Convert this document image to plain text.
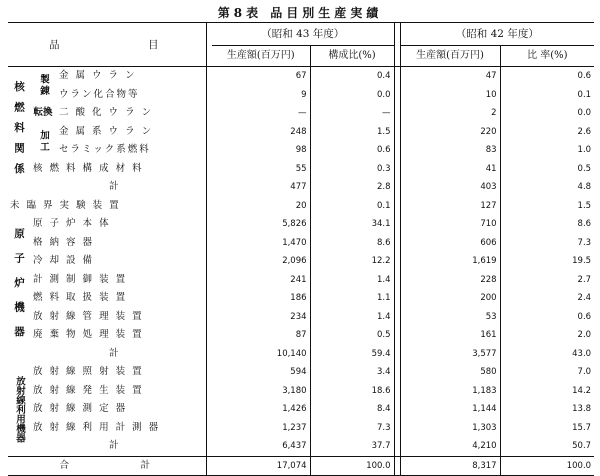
第8表 品目別生産実績
品　　　　　目				（昭和 43 年度）			（昭和 42 年度）	
				生産額(百万円)	構成比(%)		生産額(百万円)	比 率(%)
核燃料関係	製錬	金 属 ウ ラ ン		67	0.4		47	0.6
		ウラン化合物等		9	0.0		10	0.1
	転換	二 酸 化 ウ ラ ン		—	—		2	0.0
	加工	金 属 系 ウ ラ ン		248	1.5		220	2.6
		セラミック系燃料		98	0.6		83	1.0
	核 燃 料 構 成 材 料			55	0.3		41	0.5
	計			477	2.8		403	4.8
未 臨 界 実 験 装 置				20	0.1		127	1.5
原子炉機器	原 子 炉 本 体			5,826	34.1		710	8.6
	格 納 容 器			1,470	8.6		606	7.3
	冷 却 設 備			2,096	12.2		1,619	19.5
	計 測 制 御 装 置			241	1.4		228	2.7
	燃 料 取 扱 装 置			186	1.1		200	2.4
	放 射 線 管 理 装 置			234	1.4		53	0.6
	廃 棄 物 処 理 装 置			87	0.5		161	2.0
	計			10,140	59.4		3,577	43.0
放射線利用機器	放 射 線 照 射 装 置			594	3.4		580	7.0
	放 射 線 発 生 装 置			3,180	18.6		1,183	14.2
	放 射 線 測 定 器			1,426	8.4		1,144	13.8
	放 射 線 利 用 計 測 器			1,237	7.3		1,303	15.7
	計			6,437	37.7		4,210	50.7
合　　　　　計				17,074	100.0		8,317	100.0
